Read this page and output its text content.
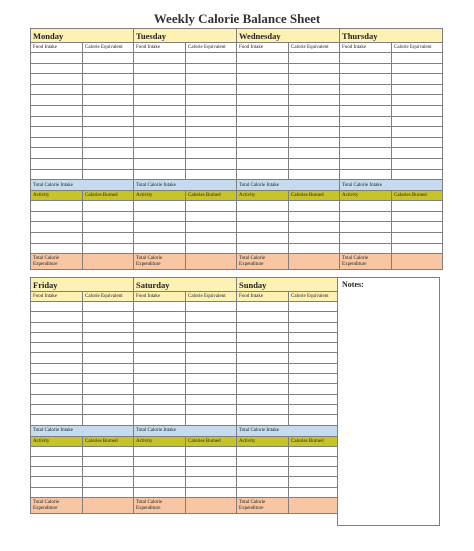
Weekly Calorie Balance Sheet
Monday		Tuesday		Wednesday		Thursday	
Food Intake	Calorie Equivalent	Food Intake	Calorie Equivalent	Food Intake	Calorie Equivalent	Food Intake	Calorie Equivalent

Total Calorie Intake		Total Calorie Intake		Total Calorie Intake		Total Calorie Intake	
Activity	Calories Burned	Activity	Calories Burned	Activity	Calories Burned	Activity	Calories Burned

Total Calorie Expenditure		Total Calorie Expenditure		Total Calorie Expenditure		Total Calorie Expenditure	
Friday		Saturday		Sunday	
Food Intake	Calorie Equivalent	Food Intake	Calorie Equivalent	Food Intake	Calorie Equivalent

Total Calorie Intake		Total Calorie Intake		Total Calorie Intake	
Activity	Calories Burned	Activity	Calories Burned	Activity	Calories Burned

Total Calorie Expenditure		Total Calorie Expenditure		Total Calorie Expenditure	
Notes:
